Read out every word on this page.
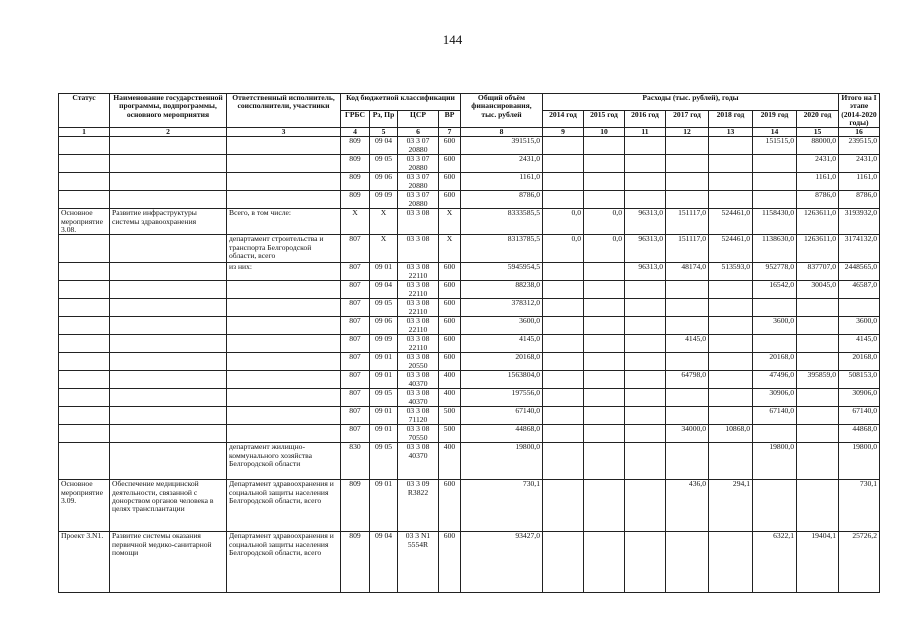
144
Статус	Наименование государственной программы, подпрограммы, основного мероприятия	Ответственный исполнитель, соисполнители, участники	Код бюджетной классификации				Общий объём финансирования, тыс. рублей	Расходы (тыс. рублей), годы							Итого на I этапе (2014-2020 годы)
			ГРБС	Рз, Пр	ЦСР	ВР		2014 год	2015 год	2016 год	2017 год	2018 год	2019 год	2020 год	
1	2	3	4	5	6	7	8	9	10	11	12	13	14	15	16
			809	09 04	03 3 07 20880	600	391515,0						151515,0	88000,0	239515,0
			809	09 05	03 3 07 20880	600	2431,0							2431,0	2431,0
			809	09 06	03 3 07 20880	600	1161,0							1161,0	1161,0
			809	09 09	03 3 07 20880	600	8786,0							8786,0	8786,0
Основное мероприятие 3.08.	Развитие инфраструктуры системы здравоохранения	Всего, в том числе:	X	X	03 3 08	X	8333585,5	0,0	0,0	96313,0	151117,0	524461,0	1158430,0	1263611,0	3193932,0
		департамент строительства и транспорта Белгородской области, всего	807	X	03 3 08	X	8313785,5	0,0	0,0	96313,0	151117,0	524461,0	1138630,0	1263611,0	3174132,0
		из них:	807	09 01	03 3 08 22110	600	5945954,5			96313,0	48174,0	513593,0	952778,0	837707,0	2448565,0
			807	09 04	03 3 08 22110	600	88238,0						16542,0	30045,0	46587,0
			807	09 05	03 3 08 22110	600	378312,0								
			807	09 06	03 3 08 22110	600	3600,0						3600,0		3600,0
			807	09 09	03 3 08 22110	600	4145,0				4145,0				4145,0
			807	09 01	03 3 08 20550	600	20168,0						20168,0		20168,0
			807	09 01	03 3 08 40370	400	1563804,0				64798,0		47496,0	395859,0	508153,0
			807	09 05	03 3 08 40370	400	197556,0						30906,0		30906,0
			807	09 01	03 3 08 71120	500	67140,0						67140,0		67140,0
			807	09 01	03 3 08 70550	500	44868,0				34000,0	10868,0			44868,0
		департамент жилищно-коммунального хозяйства Белгородской области	830	09 05	03 3 08 40370	400	19800,0						19800,0		19800,0
Основное мероприятие 3.09.	Обеспечение медицинской деятельности, связанной с донорством органов человека в целях трансплантации	Департамент здравоохранения и социальной защиты населения Белгородской области, всего	809	09 01	03 3 09 R3822	600	730,1				436,0	294,1			730,1
Проект 3.N1.	Развитие системы оказания первичной медико-санитарной помощи	Департамент здравоохранения и социальной защиты населения Белгородской области, всего	809	09 04	03 3 N1 5554R	600	93427,0						6322,1	19404,1	25726,2
